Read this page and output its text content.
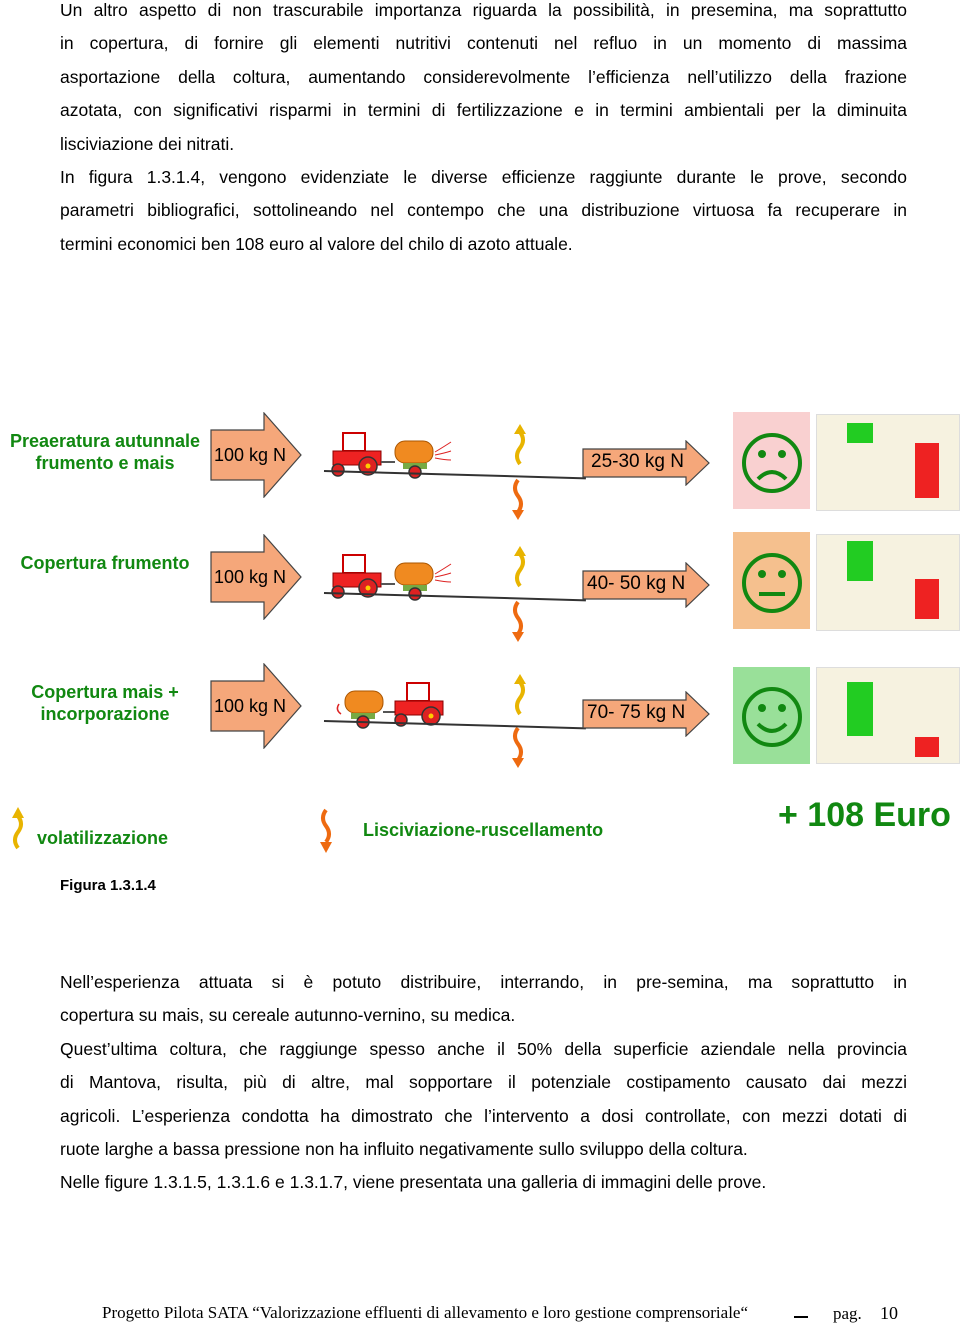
Un altro aspetto di non trascurabile importanza riguarda la possibilità, in presemina, ma soprattutto
in copertura, di fornire gli elementi nutritivi contenuti nel refluo in un momento di massima
asportazione della coltura, aumentando considerevolmente l’efficienza nell’utilizzo della frazione
azotata, con significativi risparmi in termini di fertilizzazione e in termini ambientali per la diminuita
lisciviazione dei nitrati.
In figura 1.3.1.4, vengono evidenziate le diverse efficienze raggiunte durante le prove, secondo
parametri bibliografici, sottolineando nel contempo che una distribuzione virtuosa fa recuperare in
termini economici ben 108 euro al valore del chilo di azoto attuale.
Preaeratura autunnale
frumento e mais	100 kg N	25-30 kg N
Copertura frumento
100 kg N	40- 50 kg N
Copertura mais +
incorporazione	100 kg N	70- 75 kg N
volatilizzazione	Lisciviazione-ruscellamento	+ 108 Euro
Figura 1.3.1.4
Nell’esperienza attuata si è potuto distribuire, interrando, in pre-semina, ma soprattutto in
copertura su mais, su cereale autunno-vernino, su medica.
Quest’ultima coltura, che raggiunge spesso anche il 50% della superficie aziendale nella provincia
di Mantova, risulta, più di altre, mal sopportare il potenziale costipamento causato dai mezzi
agricoli. L’esperienza condotta ha dimostrato che l’intervento a dosi controllate, con mezzi dotati di
ruote larghe a bassa pressione non ha influito negativamente sullo sviluppo della coltura.
Nelle figure 1.3.1.5, 1.3.1.6 e 1.3.1.7, viene presentata una galleria di immagini delle prove.
Progetto Pilota SATA “Valorizzazione effluenti di allevamento e loro gestione comprensoriale“	pag. 10
